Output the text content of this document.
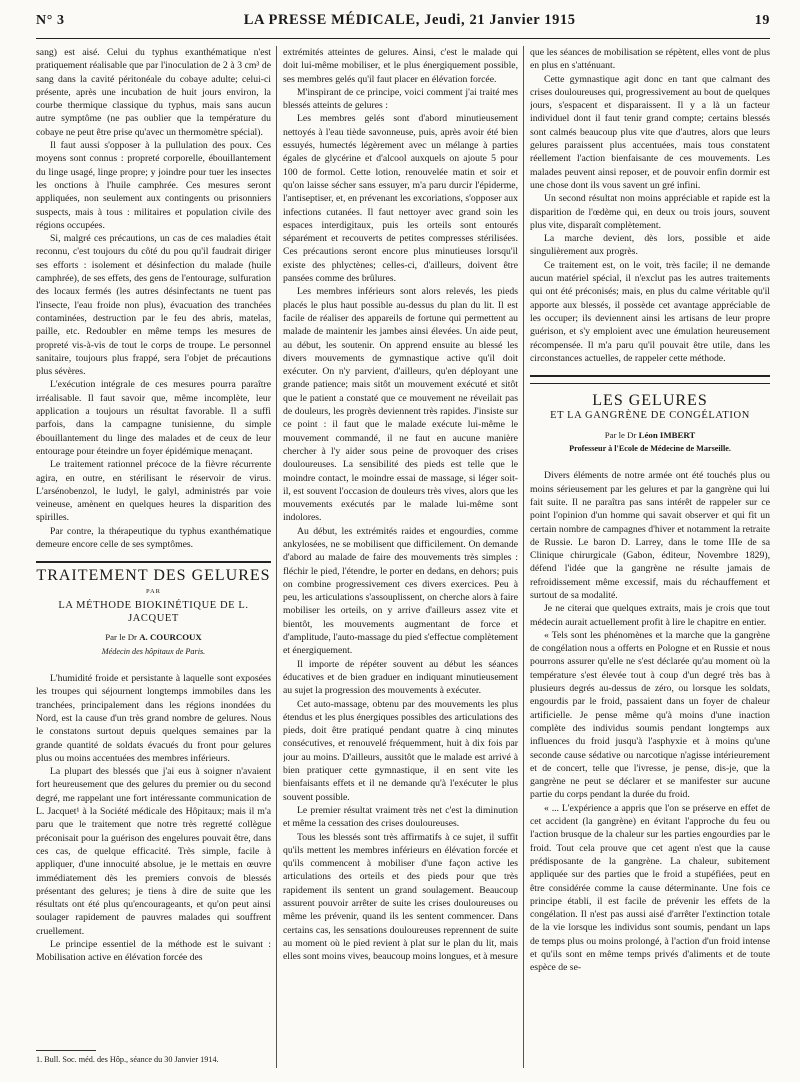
N° 3	LA PRESSE MÉDICALE, Jeudi, 21 Janvier 1915	19

sang) est aisé. Celui du typhus exanthématique n'est pratiquement réalisable que par l'inoculation de 2 à 3 cm³ de sang dans la cavité péritonéale du cobaye adulte; celui-ci présente, après une incubation de huit jours environ, la courbe thermique classique du typhus, mais sans aucun autre symptôme (ne pas oublier que la température du cobaye ne peut être prise qu'avec un thermomètre spécial).

Il faut aussi s'opposer à la pullulation des poux. Ces moyens sont connus : propreté corporelle, ébouillantement du linge usagé, linge propre; y joindre pour tuer les insectes les onctions à l'huile camphrée. Ces mesures seront appliquées, non seulement aux contingents ou prisonniers suspects, mais à tous : militaires et population civile des régions occupées.

Si, malgré ces précautions, un cas de ces maladies était reconnu, c'est toujours du côté du pou qu'il faudrait diriger ses efforts : isolement et désinfection du malade (huile camphrée), de ses effets, des gens de l'entourage, sulfuration des locaux fermés (les autres désinfectants ne tuent pas l'insecte, l'eau froide non plus), évacuation des tranchées contaminées, destruction par le feu des abris, matelas, paille, etc. Redoubler en même temps les mesures de propreté vis-à-vis de tout le corps de troupe. Le personnel sanitaire, toujours plus frappé, sera l'objet de précautions plus sévères.

L'exécution intégrale de ces mesures pourra paraître irréalisable. Il faut savoir que, même incomplète, leur application a toujours un résultat favorable. Il a suffi parfois, dans la campagne tunisienne, du simple ébouillantement du linge des malades et de ceux de leur entourage pour éteindre un foyer épidémique menaçant.

Le traitement rationnel précoce de la fièvre récurrente agira, en outre, en stérilisant le réservoir de virus. L'arsénobenzol, le ludyl, le galyl, administrés par voie veineuse, amènent en quelques heures la disparition des spirilles.

Par contre, la thérapeutique du typhus exanthématique demeure encore celle de ses symptômes.

TRAITEMENT DES GELURES
PAR
LA MÉTHODE BIOKINÉTIQUE DE L. JACQUET
Par le Dr A. COURCOUX
Médecin des hôpitaux de Paris.

L'humidité froide et persistante à laquelle sont exposées les troupes qui séjournent longtemps immobiles dans les tranchées, principalement dans les régions inondées du Nord, est la cause d'un très grand nombre de gelures. Nous le constatons surtout depuis quelques semaines par la grande quantité de soldats évacués du front pour gelures plus ou moins accentuées des membres inférieurs.

La plupart des blessés que j'ai eus à soigner n'avaient fort heureusement que des gelures du premier ou du second degré, me rappelant une fort intéressante communication de L. Jacquet¹ à la Société médicale des Hôpitaux; mais il m'a paru que le traitement que notre très regretté collègue préconisait pour la guérison des engelures pouvait être, dans ces cas, de quelque efficacité. Très simple, facile à appliquer, d'une innocuité absolue, je le mettais en œuvre immédiatement dès les premiers convois de blessés présentant des gelures; je tiens à dire de suite que les résultats ont été plus qu'encourageants, et qu'on peut ainsi soulager rapidement de pauvres malades qui souffrent cruellement.

Le principe essentiel de la méthode est le suivant : Mobilisation active en élévation forcée des

1. Bull. Soc. méd. des Hôp., séance du 30 Janvier 1914.

extrémités atteintes de gelures. Ainsi, c'est le malade qui doit lui-même mobiliser, et le plus énergiquement possible, ses membres gelés qu'il faut placer en élévation forcée.

M'inspirant de ce principe, voici comment j'ai traité mes blessés atteints de gelures :

Les membres gelés sont d'abord minutieusement nettoyés à l'eau tiède savonneuse, puis, après avoir été bien essuyés, humectés légèrement avec un mélange à parties égales de glycérine et d'alcool auxquels on ajoute 5 pour 100 de formol. Cette lotion, renouvelée matin et soir et qu'on laisse sécher sans essuyer, m'a paru durcir l'épiderme, l'antiseptiser, et, en prévenant les excoriations, s'opposer aux infections cutanées. Il faut nettoyer avec grand soin les espaces interdigitaux, puis les orteils sont entourés séparément et recouverts de petites compresses stérilisées. Ces précautions seront encore plus minutieuses lorsqu'il existe des phlyctènes; celles-ci, d'ailleurs, doivent être pansées comme des brûlures.

Les membres inférieurs sont alors relevés, les pieds placés le plus haut possible au-dessus du plan du lit. Il est facile de réaliser des appareils de fortune qui permettent au malade de maintenir les jambes ainsi élevées. Un aide peut, au début, les soutenir. On apprend ensuite au blessé les divers mouvements de gymnastique active qu'il doit exécuter. On n'y parvient, d'ailleurs, qu'en déployant une grande patience; mais sitôt un mouvement exécuté et sitôt que le patient a constaté que ce mouvement ne réveilait pas de douleurs, les progrès deviennent très rapides. J'insiste sur ce point : il faut que le malade exécute lui-même le mouvement commandé, il ne faut en aucune manière chercher à l'y aider sous peine de provoquer des crises douloureuses. La sensibilité des pieds est telle que le moindre contact, le moindre essai de massage, si léger soit-il, est souvent l'occasion de douleurs très vives, alors que les mouvements exécutés par le malade lui-même sont indolores.

Au début, les extrémités raides et engourdies, comme ankylosées, ne se mobilisent que difficilement. On demande d'abord au malade de faire des mouvements très simples : fléchir le pied, l'étendre, le porter en dedans, en dehors; puis on combine progressivement ces divers exercices. Peu à peu, les articulations s'assouplissent, on cherche alors à faire mobiliser les orteils, on y arrive d'ailleurs assez vite et bientôt, les mouvements augmentant de force et d'amplitude, l'auto-massage du pied s'effectue complètement et énergiquement.

Il importe de répéter souvent au début les séances éducatives et de bien graduer en indiquant minutieusement au sujet la progression des mouvements à exécuter.

Cet auto-massage, obtenu par des mouvements les plus étendus et les plus énergiques possibles des articulations des pieds, doit être pratiqué pendant quatre à cinq minutes consécutives, et renouvelé fréquemment, huit à dix fois par jour au moins. D'ailleurs, aussitôt que le malade est arrivé à bien pratiquer cette gymnastique, il en sent vite les bienfaisants effets et il ne demande qu'à l'exécuter le plus souvent possible.

Le premier résultat vraiment très net c'est la diminution et même la cessation des crises douloureuses.

Tous les blessés sont très affirmatifs à ce sujet, il suffit qu'ils mettent les membres inférieurs en élévation forcée et qu'ils commencent à mobiliser d'une façon active les articulations des orteils et des pieds pour que très rapidement ils sentent un grand soulagement. Beaucoup assurent pouvoir arrêter de suite les crises douloureuses ou même les prévenir, quand ils les sentent commencer. Dans certains cas, les sensations douloureuses reprennent de suite au moment où le pied revient à plat sur le plan du lit, mais elles sont moins vives, beaucoup moins longues, et à mesure

que les séances de mobilisation se répètent, elles vont de plus en plus en s'atténuant.

Cette gymnastique agit donc en tant que calmant des crises douloureuses qui, progressivement au bout de quelques jours, s'espacent et disparaissent. Il y a là un facteur individuel dont il faut tenir grand compte; certains blessés sont calmés beaucoup plus vite que d'autres, alors que leurs gelures paraissent plus accentuées, mais tous constatent réellement l'action bienfaisante de ces mouvements. Les malades peuvent ainsi reposer, et de pouvoir enfin dormir est une chose dont ils vous savent un gré infini.

Un second résultat non moins appréciable et rapide est la disparition de l'œdème qui, en deux ou trois jours, souvent plus vite, disparaît complètement.

La marche devient, dès lors, possible et aide singulièrement aux progrès.

Ce traitement est, on le voit, très facile; il ne demande aucun matériel spécial, il n'exclut pas les autres traitements qui ont été préconisés; mais, en plus du calme véritable qu'il apporte aux blessés, il possède cet avantage appréciable de les occuper; ils deviennent ainsi les artisans de leur propre guérison, et s'y emploient avec une émulation heureusement récompensée. Il m'a paru qu'il pouvait être utile, dans les circonstances actuelles, de rappeler cette méthode.

LES GELURES
ET LA GANGRÈNE DE CONGÉLATION
Par le Dr Léon IMBERT
Professeur à l'Ecole de Médecine de Marseille.

Divers éléments de notre armée ont été touchés plus ou moins sérieusement par les gelures et par la gangrène qui lui fait suite. Il ne paraîtra pas sans intérêt de rappeler sur ce point l'opinion d'un homme qui savait observer et qui fit un certain nombre de campagnes d'hiver et notamment la retraite de Russie. Le baron D. Larrey, dans le tome IIIe de sa Clinique chirurgicale (Gabon, éditeur, Novembre 1829), défend l'idée que la gangrène ne résulte jamais de refroidissement même excessif, mais du réchauffement et surtout de sa modalité.

Je ne citerai que quelques extraits, mais je crois que tout médecin aurait actuellement profit à lire le chapitre en entier.

« Tels sont les phénomènes et la marche que la gangrène de congélation nous a offerts en Pologne et en Russie et nous pourrons assurer qu'elle ne s'est déclarée qu'au moment où la température s'est élevée tout à coup d'un degré très bas à plusieurs degrés au-dessus de zéro, ou lorsque les soldats, engourdis par le froid, passaient dans un foyer de chaleur artificielle. Je pense même qu'à moins d'une inaction complète des individus soumis pendant longtemps aux influences du froid jusqu'à l'asphyxie et à moins qu'une seconde cause sédative ou narcotique n'agisse intérieurement et de concert, telle que l'ivresse, je pense, dis-je, que la gangrène ne peut se déclarer et se manifester sur aucune partie du corps pendant la durée du froid.

« ... L'expérience a appris que l'on se préserve en effet de cet accident (la gangrène) en évitant l'approche du feu ou l'action brusque de la chaleur sur les parties engourdies par le froid. Tout cela prouve que cet agent n'est que la cause prédisposante de la gangrène. La chaleur, subitement appliquée sur des parties que le froid a stupéfiées, peut en être considérée comme la cause déterminante. Une fois ce principe établi, il est facile de prévenir les effets de la congélation. Il n'est pas aussi aisé d'arrêter l'extinction totale de la vie lorsque les individus sont soumis, pendant un laps de temps plus ou moins prolongé, à l'action d'un froid intense et qu'ils sont en même temps privés d'aliments et de toute espèce de se-
